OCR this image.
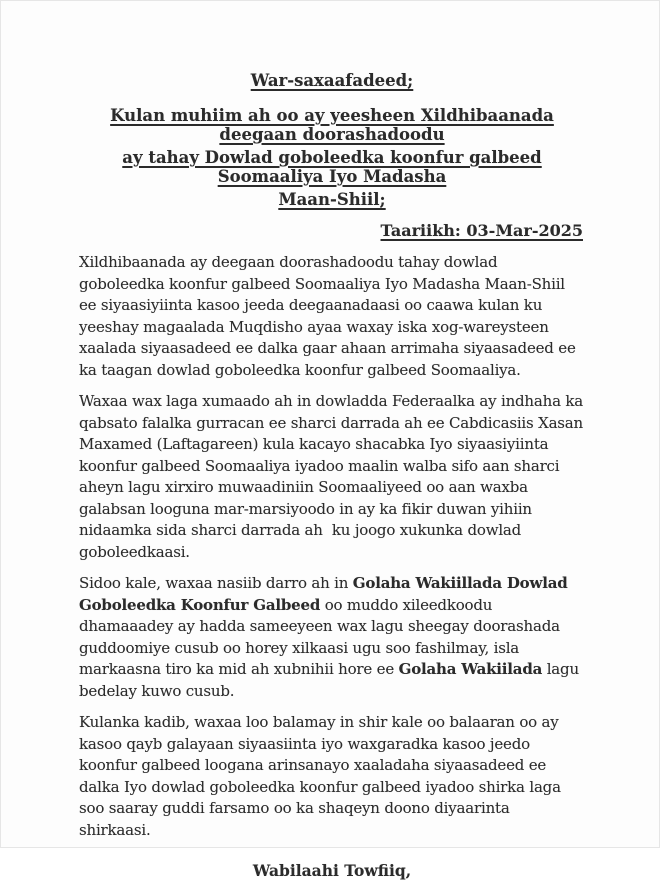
War-saxaafadeed;
Kulan muhiim ah oo ay yeesheen Xildhibaanada deegaan doorashadoodu
ay tahay Dowlad goboleedka koonfur galbeed Soomaaliya Iyo Madasha
Maan-Shiil;
Taariikh: 03-Mar-2025

Xildhibaanada ay deegaan doorashadoodu tahay dowlad goboleedka koonfur galbeed Soomaaliya Iyo Madasha Maan-Shiil ee siyaasiyiinta kasoo jeeda deegaanadaasi oo caawa kulan ku yeeshay magaalada Muqdisho ayaa waxay iska xog-wareysteen xaalada siyaasadeed ee dalka gaar ahaan arrimaha siyaasadeed ee ka taagan dowlad goboleedka koonfur galbeed Soomaaliya.

Waxaa wax laga xumaado ah in dowladda Federaalka ay indhaha ka qabsato falalka gurracan ee sharci darrada ah ee Cabdicasiis Xasan Maxamed (Laftagareen) kula kacayo shacabka Iyo siyaasiyiinta koonfur galbeed Soomaaliya iyadoo maalin walba sifo aan sharci aheyn lagu xirxiro muwaadiniin Soomaaliyeed oo aan waxba galabsan looguna mar-marsiyoodo in ay ka fikir duwan yihiin nidaamka sida sharci darrada ah  ku joogo xukunka dowlad goboleedkaasi.

Sidoo kale, waxaa nasiib darro ah in Golaha Wakiillada Dowlad Goboleedka Koonfur Galbeed oo muddo xileedkoodu dhamaaadey ay hadda sameeyeen wax lagu sheegay doorashada guddoomiye cusub oo horey xilkaasi ugu soo fashilmay, isla markaasna tiro ka mid ah xubnihii hore ee Golaha Wakiilada lagu bedelay kuwo cusub.

Kulanka kadib, waxaa loo balamay in shir kale oo balaaran oo ay kasoo qayb galayaan siyaasiinta iyo waxgaradka kasoo jeedo koonfur galbeed loogana arinsanayo xaaladaha siyaasadeed ee dalka Iyo dowlad goboleedka koonfur galbeed iyadoo shirka laga soo saaray guddi farsamo oo ka shaqeyn doono diyaarinta shirkaasi.

Wabilaahi Towfiiq,
